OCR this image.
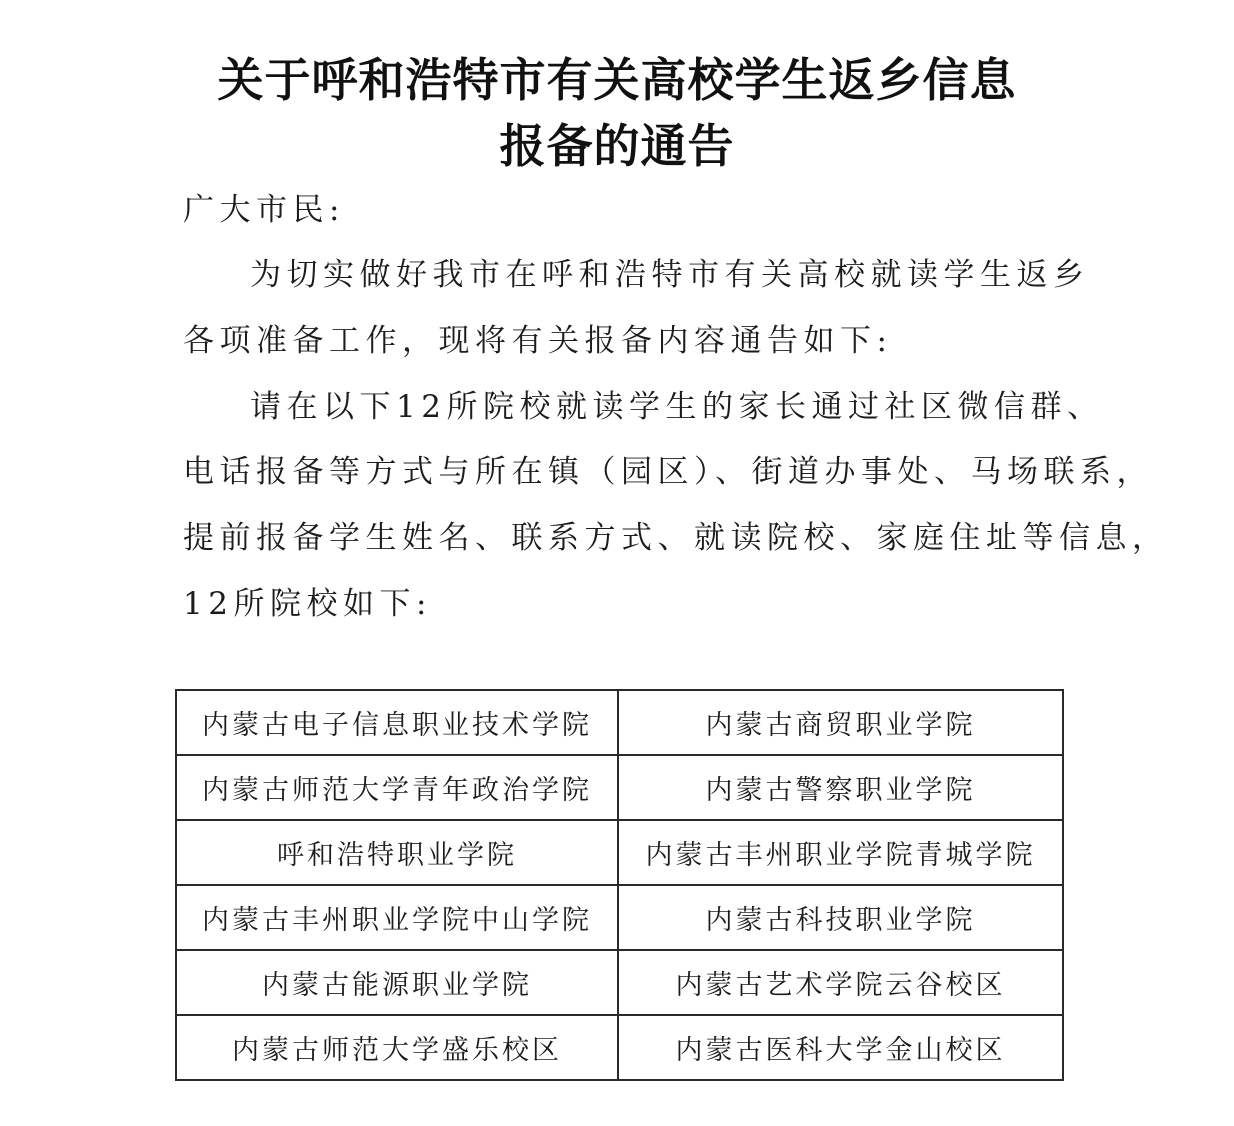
关于呼和浩特市有关高校学生返乡信息
报备的通告
广大市民:
为切实做好我市在呼和浩特市有关高校就读学生返乡
各项准备工作，现将有关报备内容通告如下:
请在以下12所院校就读学生的家长通过社区微信群、
电话报备等方式与所在镇（园区）、街道办事处、马场联系，
提前报备学生姓名、联系方式、就读院校、家庭住址等信息，
12所院校如下:
内蒙古电子信息职业技术学院	内蒙古商贸职业学院
内蒙古师范大学青年政治学院	内蒙古警察职业学院
呼和浩特职业学院	内蒙古丰州职业学院青城学院
内蒙古丰州职业学院中山学院	内蒙古科技职业学院
内蒙古能源职业学院	内蒙古艺术学院云谷校区
内蒙古师范大学盛乐校区	内蒙古医科大学金山校区
